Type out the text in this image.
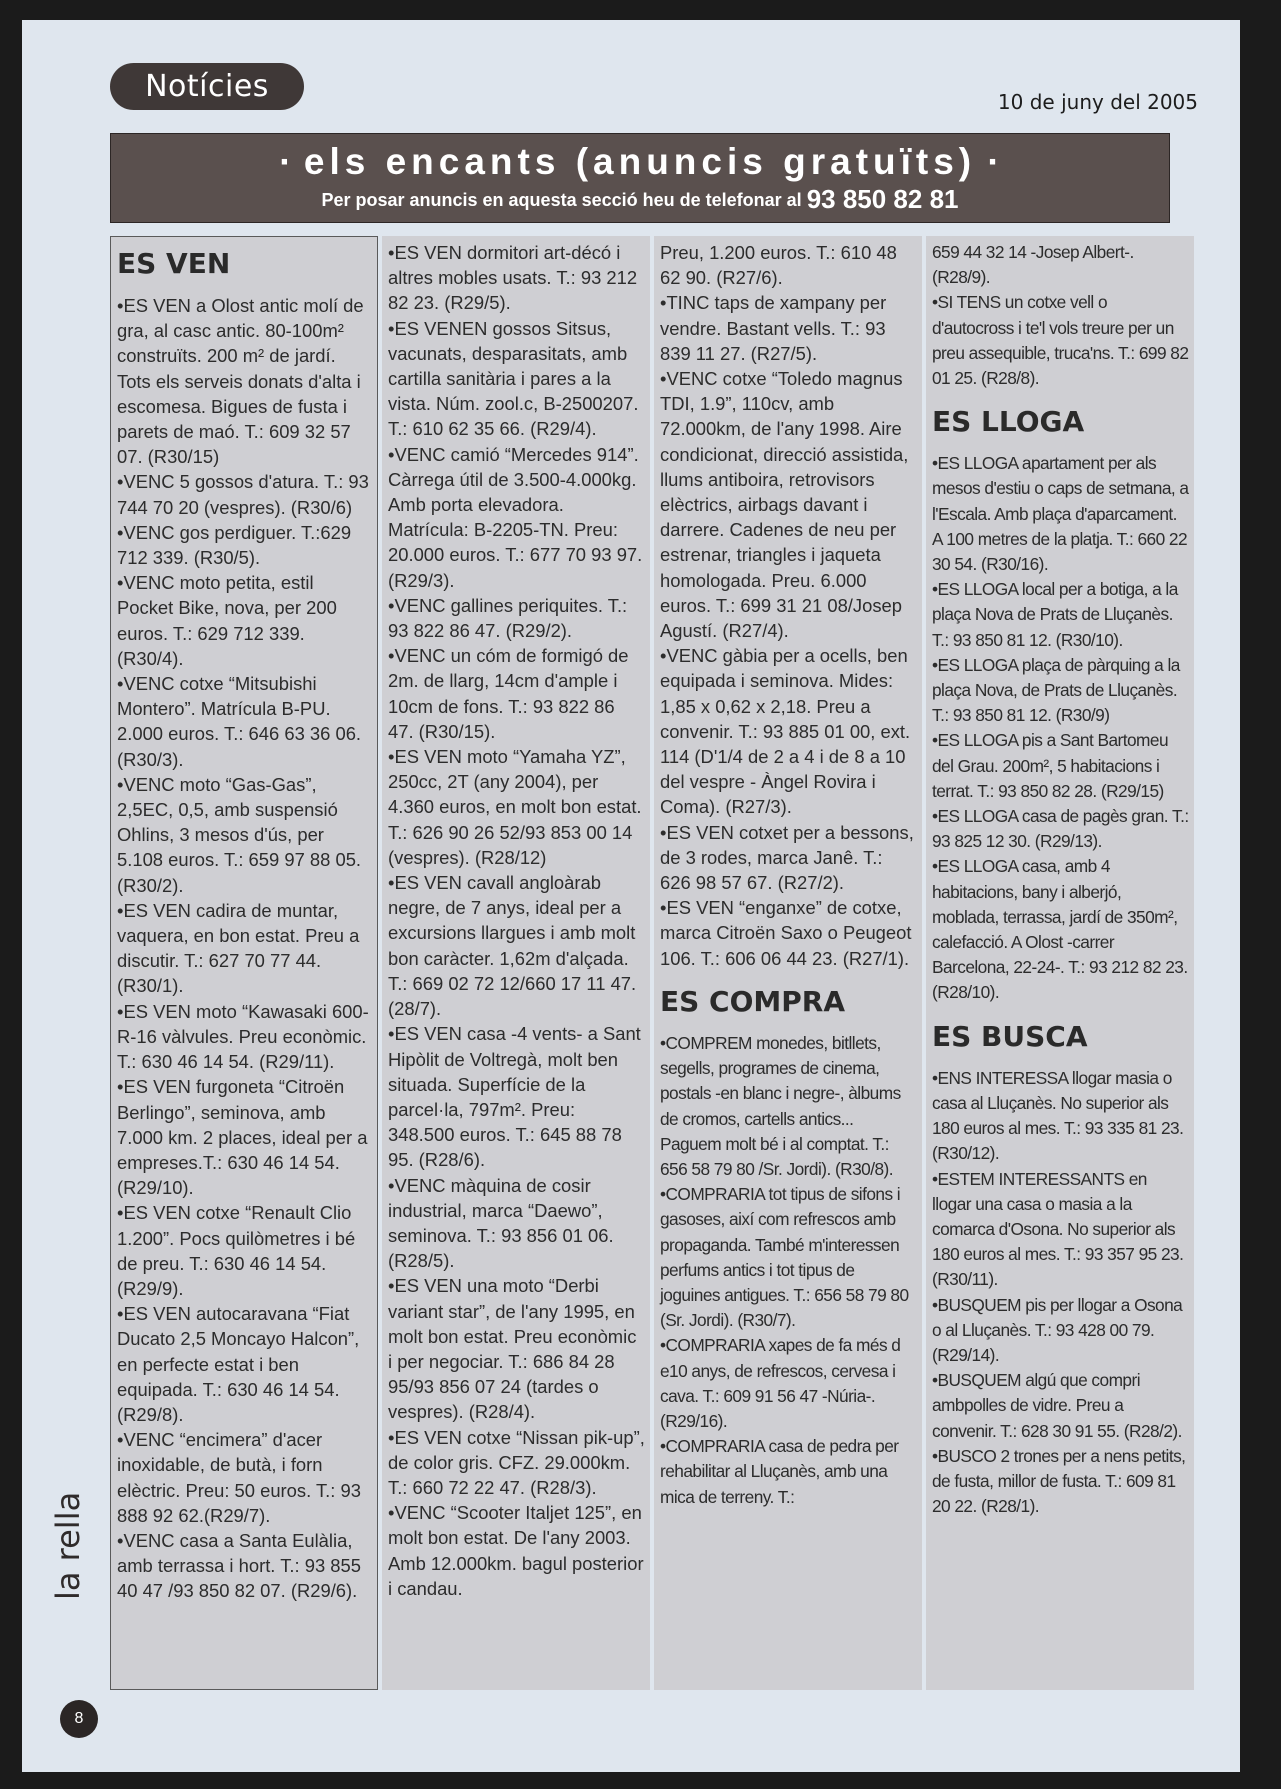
Notícies	10 de juny del 2005
· els encants (anuncis gratuïts) ·
Per posar anuncis en aquesta secció heu de telefonar al 93 850 82 81
ES VEN

•ES VEN a Olost antic molí de gra, al casc antic. 80-100m² construïts. 200 m² de jardí. Tots els serveis donats d'alta i escomesa. Bigues de fusta i parets de maó. T.: 609 32 57 07. (R30/15)

•VENC 5 gossos d'atura. T.: 93 744 70 20 (vespres). (R30/6)

•VENC gos perdiguer. T.:629 712 339. (R30/5).

•VENC moto petita, estil Pocket Bike, nova, per 200 euros. T.: 629 712 339. (R30/4).

•VENC cotxe “Mitsubishi Montero”. Matrícula B-PU. 2.000 euros. T.: 646 63 36 06. (R30/3).

•VENC moto “Gas-Gas”, 2,5EC, 0,5, amb suspensió Ohlins, 3 mesos d'ús, per 5.108 euros. T.: 659 97 88 05. (R30/2).

•ES VEN cadira de muntar, vaquera, en bon estat. Preu a discutir. T.: 627 70 77 44. (R30/1).

•ES VEN moto “Kawasaki 600-R-16 vàlvules. Preu econòmic. T.: 630 46 14 54. (R29/11).

•ES VEN furgoneta “Citroën Berlingo”, seminova, amb 7.000 km. 2 places, ideal per a empreses.T.: 630 46 14 54. (R29/10).

•ES VEN cotxe “Renault Clio 1.200”. Pocs quilòmetres i bé de preu. T.: 630 46 14 54. (R29/9).

•ES VEN autocaravana “Fiat Ducato 2,5 Moncayo Halcon”, en perfecte estat i ben equipada. T.: 630 46 14 54. (R29/8).

•VENC “encimera” d'acer inoxidable, de butà, i forn elèctric. Preu: 50 euros. T.: 93 888 92 62.(R29/7).

•VENC casa a Santa Eulàlia, amb terrassa i hort. T.: 93 855 40 47 /93 850 82 07. (R29/6).

•ES VEN dormitori art-décó i altres mobles usats. T.: 93 212 82 23. (R29/5).

•ES VENEN gossos Sitsus, vacunats, desparasitats, amb cartilla sanitària i pares a la vista. Núm. zool.c, B-2500207. T.: 610 62 35 66. (R29/4).

•VENC camió “Mercedes 914”. Càrrega útil de 3.500-4.000kg. Amb porta elevadora. Matrícula: B-2205-TN. Preu: 20.000 euros. T.: 677 70 93 97. (R29/3).

•VENC gallines periquites. T.: 93 822 86 47. (R29/2).

•VENC un cóm de formigó de 2m. de llarg, 14cm d'ample i 10cm de fons. T.: 93 822 86 47. (R30/15).

•ES VEN moto “Yamaha YZ”, 250cc, 2T (any 2004), per 4.360 euros, en molt bon estat. T.: 626 90 26 52/93 853 00 14 (vespres). (R28/12)

•ES VEN cavall angloàrab negre, de 7 anys, ideal per a excursions llargues i amb molt bon caràcter. 1,62m d'alçada. T.: 669 02 72 12/660 17 11 47. (28/7).

•ES VEN casa -4 vents- a Sant Hipòlit de Voltregà, molt ben situada. Superfície de la parcel·la, 797m². Preu: 348.500 euros. T.: 645 88 78 95. (R28/6).

•VENC màquina de cosir industrial, marca “Daewo”, seminova. T.: 93 856 01 06. (R28/5).

•ES VEN una moto “Derbi variant star”, de l'any 1995, en molt bon estat. Preu econòmic i per negociar. T.: 686 84 28 95/93 856 07 24 (tardes o vespres). (R28/4).

•ES VEN cotxe “Nissan pik-up”, de color gris. CFZ. 29.000km. T.: 660 72 22 47. (R28/3).

•VENC “Scooter Italjet 125”, en molt bon estat. De l'any 2003. Amb 12.000km. bagul posterior i candau.

Preu, 1.200 euros. T.: 610 48 62 90. (R27/6).

•TINC taps de xampany per vendre. Bastant vells. T.: 93 839 11 27. (R27/5).

•VENC cotxe “Toledo magnus TDI, 1.9”, 110cv, amb 72.000km, de l'any 1998. Aire condicionat, direcció assistida, llums antiboira, retrovisors elèctrics, airbags davant i darrere. Cadenes de neu per estrenar, triangles i jaqueta homologada. Preu. 6.000 euros. T.: 699 31 21 08/Josep Agustí. (R27/4).

•VENC gàbia per a ocells, ben equipada i seminova. Mides: 1,85 x 0,62 x 2,18. Preu a convenir. T.: 93 885 01 00, ext. 114 (D'1/4 de 2 a 4 i de 8 a 10 del vespre - Àngel Rovira i Coma). (R27/3).

•ES VEN cotxet per a bessons, de 3 rodes, marca Janê. T.: 626 98 57 67. (R27/2).

•ES VEN “enganxe” de cotxe, marca Citroën Saxo o Peugeot 106. T.: 606 06 44 23. (R27/1).

ES COMPRA

•COMPREM monedes, bitllets, segells, programes de cinema, postals -en blanc i negre-, àlbums de cromos, cartells antics... Paguem molt bé i al comptat. T.: 656 58 79 80 /Sr. Jordi). (R30/8).

•COMPRARIA tot tipus de sifons i gasoses, així com refrescos amb propaganda. També m'interessen perfums antics i tot tipus de joguines antigues. T.: 656 58 79 80 (Sr. Jordi). (R30/7).

•COMPRARIA xapes de fa més d e10 anys, de refrescos, cervesa i cava. T.: 609 91 56 47 -Núria-. (R29/16).

•COMPRARIA casa de pedra per rehabilitar al Lluçanès, amb una mica de terreny. T.:

659 44 32 14 -Josep Albert-. (R28/9).

•SI TENS un cotxe vell o d'autocross i te'l vols treure per un preu assequible, truca'ns. T.: 699 82 01 25. (R28/8).

ES LLOGA

•ES LLOGA apartament per als mesos d'estiu o caps de setmana, a l'Escala. Amb plaça d'aparcament. A 100 metres de la platja. T.: 660 22 30 54. (R30/16).

•ES LLOGA local per a botiga, a la plaça Nova de Prats de Lluçanès. T.: 93 850 81 12. (R30/10).

•ES LLOGA plaça de pàrquing a la plaça Nova, de Prats de Lluçanès. T.: 93 850 81 12. (R30/9)

•ES LLOGA pis a Sant Bartomeu del Grau. 200m², 5 habitacions i terrat. T.: 93 850 82 28. (R29/15)

•ES LLOGA casa de pagès gran. T.: 93 825 12 30. (R29/13).

•ES LLOGA casa, amb 4 habitacions, bany i alberjó, moblada, terrassa, jardí de 350m², calefacció. A Olost -carrer Barcelona, 22-24-. T.: 93 212 82 23. (R28/10).

ES BUSCA

•ENS INTERESSA llogar masia o casa al Lluçanès. No superior als 180 euros al mes. T.: 93 335 81 23. (R30/12).

•ESTEM INTERESSANTS en llogar una casa o masia a la comarca d'Osona. No superior als 180 euros al mes. T.: 93 357 95 23. (R30/11).

•BUSQUEM pis per llogar a Osona o al Lluçanès. T.: 93 428 00 79. (R29/14).

•BUSQUEM algú que compri ambpolles de vidre. Preu a convenir. T.: 628 30 91 55. (R28/2).

•BUSCO 2 trones per a nens petits, de fusta, millor de fusta. T.: 609 81 20 22. (R28/1).

la rella
8
